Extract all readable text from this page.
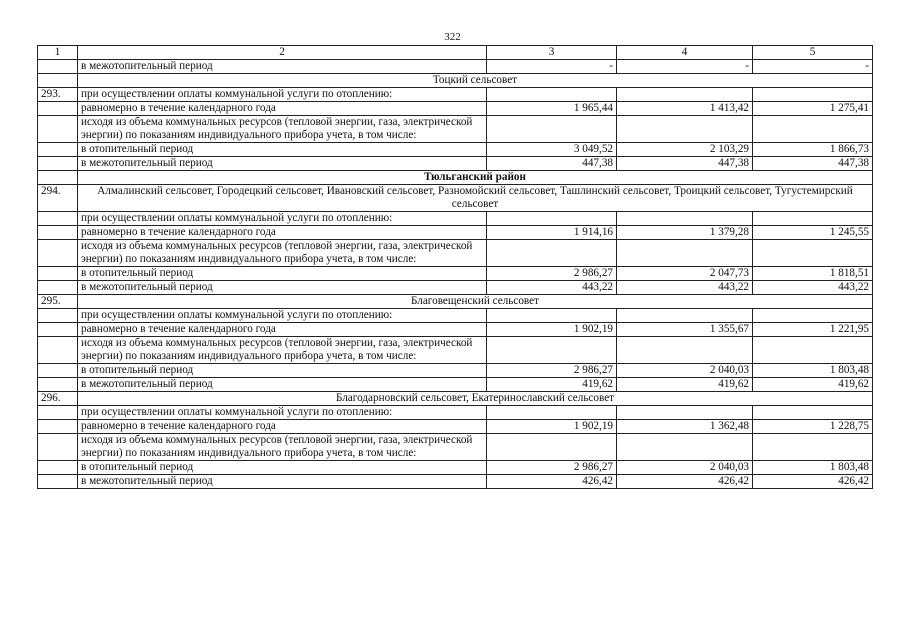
322
1	2	3	4	5
	в межотопительный период	-	-	-
	Тоцкий сельсовет			
293.	при осуществлении оплаты коммунальной услуги по отоплению:			
	равномерно в течение календарного года	1 965,44	1 413,42	1 275,41
	исходя из объема коммунальных ресурсов (тепловой энергии, газа, электрической энергии) по показаниям индивидуального прибора учета, в том числе:			
	в отопительный период	3 049,52	2 103,29	1 866,73
	в межотопительный период	447,38	447,38	447,38
	Тюльганский район			
294.	Алмалинский сельсовет, Городецкий сельсовет, Ивановский сельсовет, Разномойский сельсовет, Ташлинский сельсовет, Троицкий сельсовет, Тугустемирский сельсовет			
	при осуществлении оплаты коммунальной услуги по отоплению:			
	равномерно в течение календарного года	1 914,16	1 379,28	1 245,55
	исходя из объема коммунальных ресурсов (тепловой энергии, газа, электрической энергии) по показаниям индивидуального прибора учета, в том числе:			
	в отопительный период	2 986,27	2 047,73	1 818,51
	в межотопительный период	443,22	443,22	443,22
295.	Благовещенский сельсовет			
	при осуществлении оплаты коммунальной услуги по отоплению:			
	равномерно в течение календарного года	1 902,19	1 355,67	1 221,95
	исходя из объема коммунальных ресурсов (тепловой энергии, газа, электрической энергии) по показаниям индивидуального прибора учета, в том числе:			
	в отопительный период	2 986,27	2 040,03	1 803,48
	в межотопительный период	419,62	419,62	419,62
296.	Благодарновский сельсовет, Екатеринославский сельсовет			
	при осуществлении оплаты коммунальной услуги по отоплению:			
	равномерно в течение календарного года	1 902,19	1 362,48	1 228,75
	исходя из объема коммунальных ресурсов (тепловой энергии, газа, электрической энергии) по показаниям индивидуального прибора учета, в том числе:			
	в отопительный период	2 986,27	2 040,03	1 803,48
	в межотопительный период	426,42	426,42	426,42
